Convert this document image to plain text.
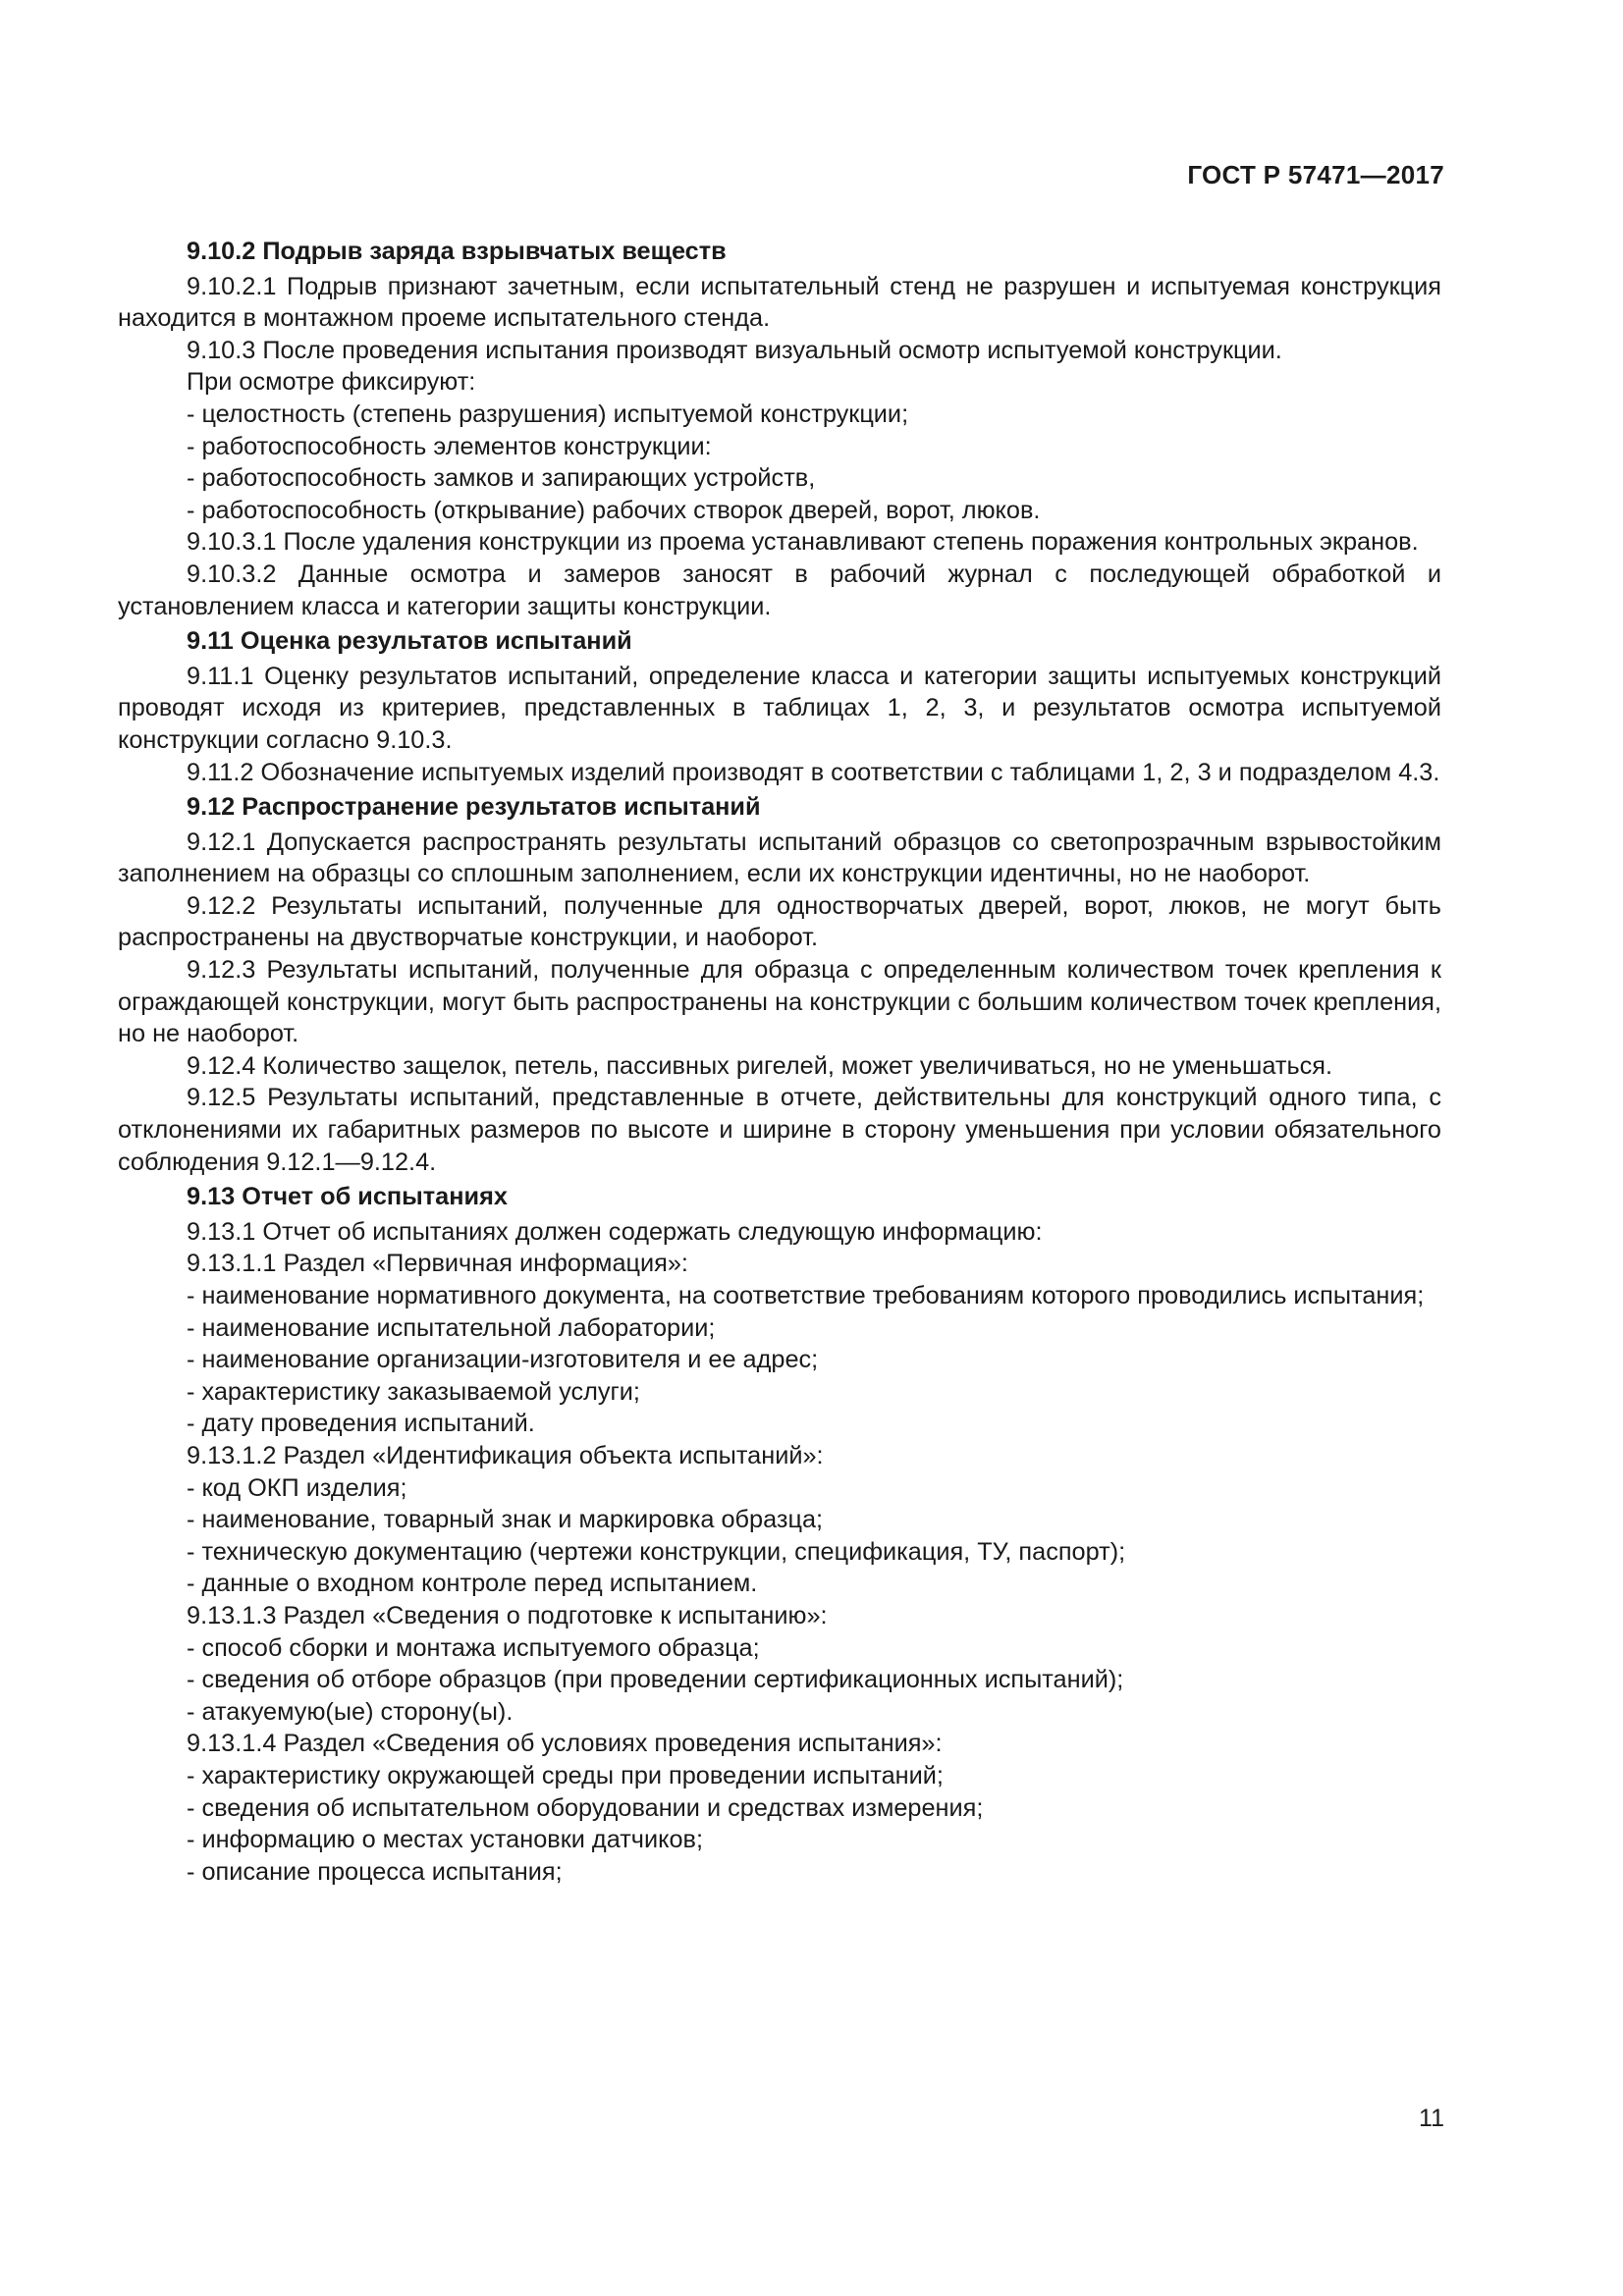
ГОСТ Р 57471—2017

9.10.2 Подрыв заряда взрывчатых веществ

9.10.2.1 Подрыв признают зачетным, если испытательный стенд не разрушен и испытуемая конструкция находится в монтажном проеме испытательного стенда.

9.10.3 После проведения испытания производят визуальный осмотр испытуемой конструкции.

При осмотре фиксируют:

- целостность (степень разрушения) испытуемой конструкции;

- работоспособность элементов конструкции:

- работоспособность замков и запирающих устройств,

- работоспособность (открывание) рабочих створок дверей, ворот, люков.

9.10.3.1 После удаления конструкции из проема устанавливают степень поражения контрольных экранов.

9.10.3.2 Данные осмотра и замеров заносят в рабочий журнал с последующей обработкой и установлением класса и категории защиты конструкции.

9.11 Оценка результатов испытаний

9.11.1 Оценку результатов испытаний, определение класса и категории защиты испытуемых конструкций проводят исходя из критериев, представленных в таблицах 1, 2, 3, и результатов осмотра испытуемой конструкции согласно 9.10.3.

9.11.2 Обозначение испытуемых изделий производят в соответствии с таблицами 1, 2, 3 и подразделом 4.3.

9.12 Распространение результатов испытаний

9.12.1 Допускается распространять результаты испытаний образцов со светопрозрачным взрывостойким заполнением на образцы со сплошным заполнением, если их конструкции идентичны, но не наоборот.

9.12.2 Результаты испытаний, полученные для одностворчатых дверей, ворот, люков, не могут быть распространены на двустворчатые конструкции, и наоборот.

9.12.3 Результаты испытаний, полученные для образца с определенным количеством точек крепления к ограждающей конструкции, могут быть распространены на конструкции с большим количеством точек крепления, но не наоборот.

9.12.4 Количество защелок, петель, пассивных ригелей, может увеличиваться, но не уменьшаться.

9.12.5 Результаты испытаний, представленные в отчете, действительны для конструкций одного типа, с отклонениями их габаритных размеров по высоте и ширине в сторону уменьшения при условии обязательного соблюдения 9.12.1—9.12.4.

9.13 Отчет об испытаниях

9.13.1 Отчет об испытаниях должен содержать следующую информацию:

9.13.1.1 Раздел «Первичная информация»:

- наименование нормативного документа, на соответствие требованиям которого проводились испытания;

- наименование испытательной лаборатории;

- наименование организации-изготовителя и ее адрес;

- характеристику заказываемой услуги;

- дату проведения испытаний.

9.13.1.2 Раздел «Идентификация объекта испытаний»:

- код ОКП изделия;

- наименование, товарный знак и маркировка образца;

- техническую документацию (чертежи конструкции, спецификация, ТУ, паспорт);

- данные о входном контроле перед испытанием.

9.13.1.3 Раздел «Сведения о подготовке к испытанию»:

- способ сборки и монтажа испытуемого образца;

- сведения об отборе образцов (при проведении сертификационных испытаний);

- атакуемую(ые) сторону(ы).

9.13.1.4 Раздел «Сведения об условиях проведения испытания»:

- характеристику окружающей среды при проведении испытаний;

- сведения об испытательном оборудовании и средствах измерения;

- информацию о местах установки датчиков;

- описание процесса испытания;

11
